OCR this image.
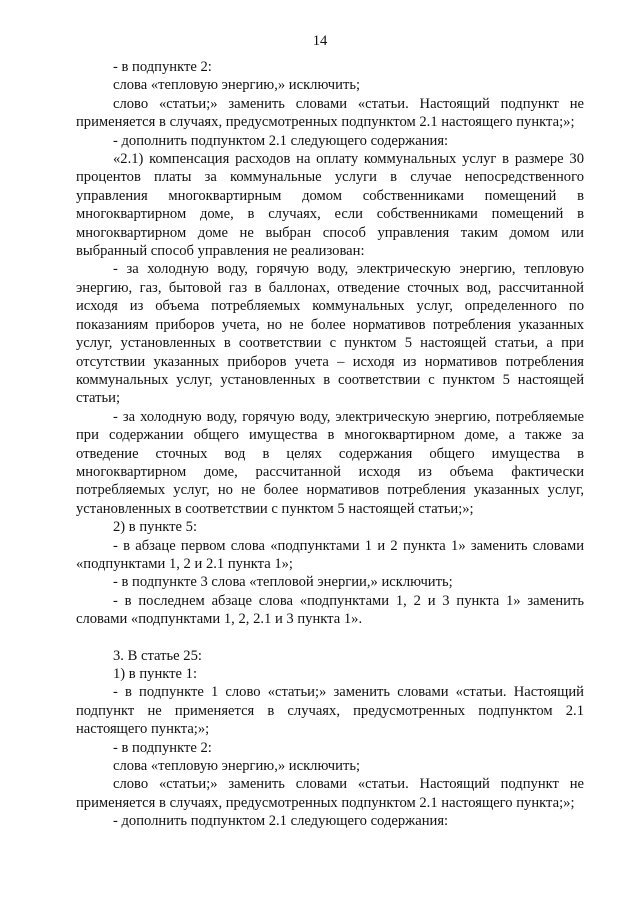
14

- в подпункте 2:

слова «тепловую энергию,» исключить;

слово «статьи;» заменить словами «статьи. Настоящий подпункт не применяется в случаях, предусмотренных подпунктом 2.1 настоящего пункта;»;

- дополнить подпунктом 2.1 следующего содержания:

«2.1) компенсация расходов на оплату коммунальных услуг в размере 30 процентов платы за коммунальные услуги в случае непосредственного управления многоквартирным домом собственниками помещений в многоквартирном доме, в случаях, если собственниками помещений в многоквартирном доме не выбран способ управления таким домом или выбранный способ управления не реализован:

- за холодную воду, горячую воду, электрическую энергию, тепловую энергию, газ, бытовой газ в баллонах, отведение сточных вод, рассчитанной исходя из объема потребляемых коммунальных услуг, определенного по показаниям приборов учета, но не более нормативов потребления указанных услуг, установленных в соответствии с пунктом 5 настоящей статьи, а при отсутствии указанных приборов учета – исходя из нормативов потребления коммунальных услуг, установленных в соответствии с пунктом 5 настоящей статьи;

- за холодную воду, горячую воду, электрическую энергию, потребляемые при содержании общего имущества в многоквартирном доме, а также за отведение сточных вод в целях содержания общего имущества в многоквартирном доме, рассчитанной исходя из объема фактически потребляемых услуг, но не более нормативов потребления указанных услуг, установленных в соответствии с пунктом 5 настоящей статьи;»;

2) в пункте 5:

- в абзаце первом слова «подпунктами 1 и 2 пункта 1» заменить словами «подпунктами 1, 2 и 2.1 пункта 1»;

- в подпункте 3 слова «тепловой энергии,» исключить;

- в последнем абзаце слова «подпунктами 1, 2 и 3 пункта 1» заменить словами «подпунктами 1, 2, 2.1 и 3 пункта 1».

3. В статье 25:

1) в пункте 1:

- в подпункте 1 слово «статьи;» заменить словами «статьи. Настоящий подпункт не применяется в случаях, предусмотренных подпунктом 2.1 настоящего пункта;»;

- в подпункте 2:

слова «тепловую энергию,» исключить;

слово «статьи;» заменить словами «статьи. Настоящий подпункт не применяется в случаях, предусмотренных подпунктом 2.1 настоящего пункта;»;

- дополнить подпунктом 2.1 следующего содержания:
